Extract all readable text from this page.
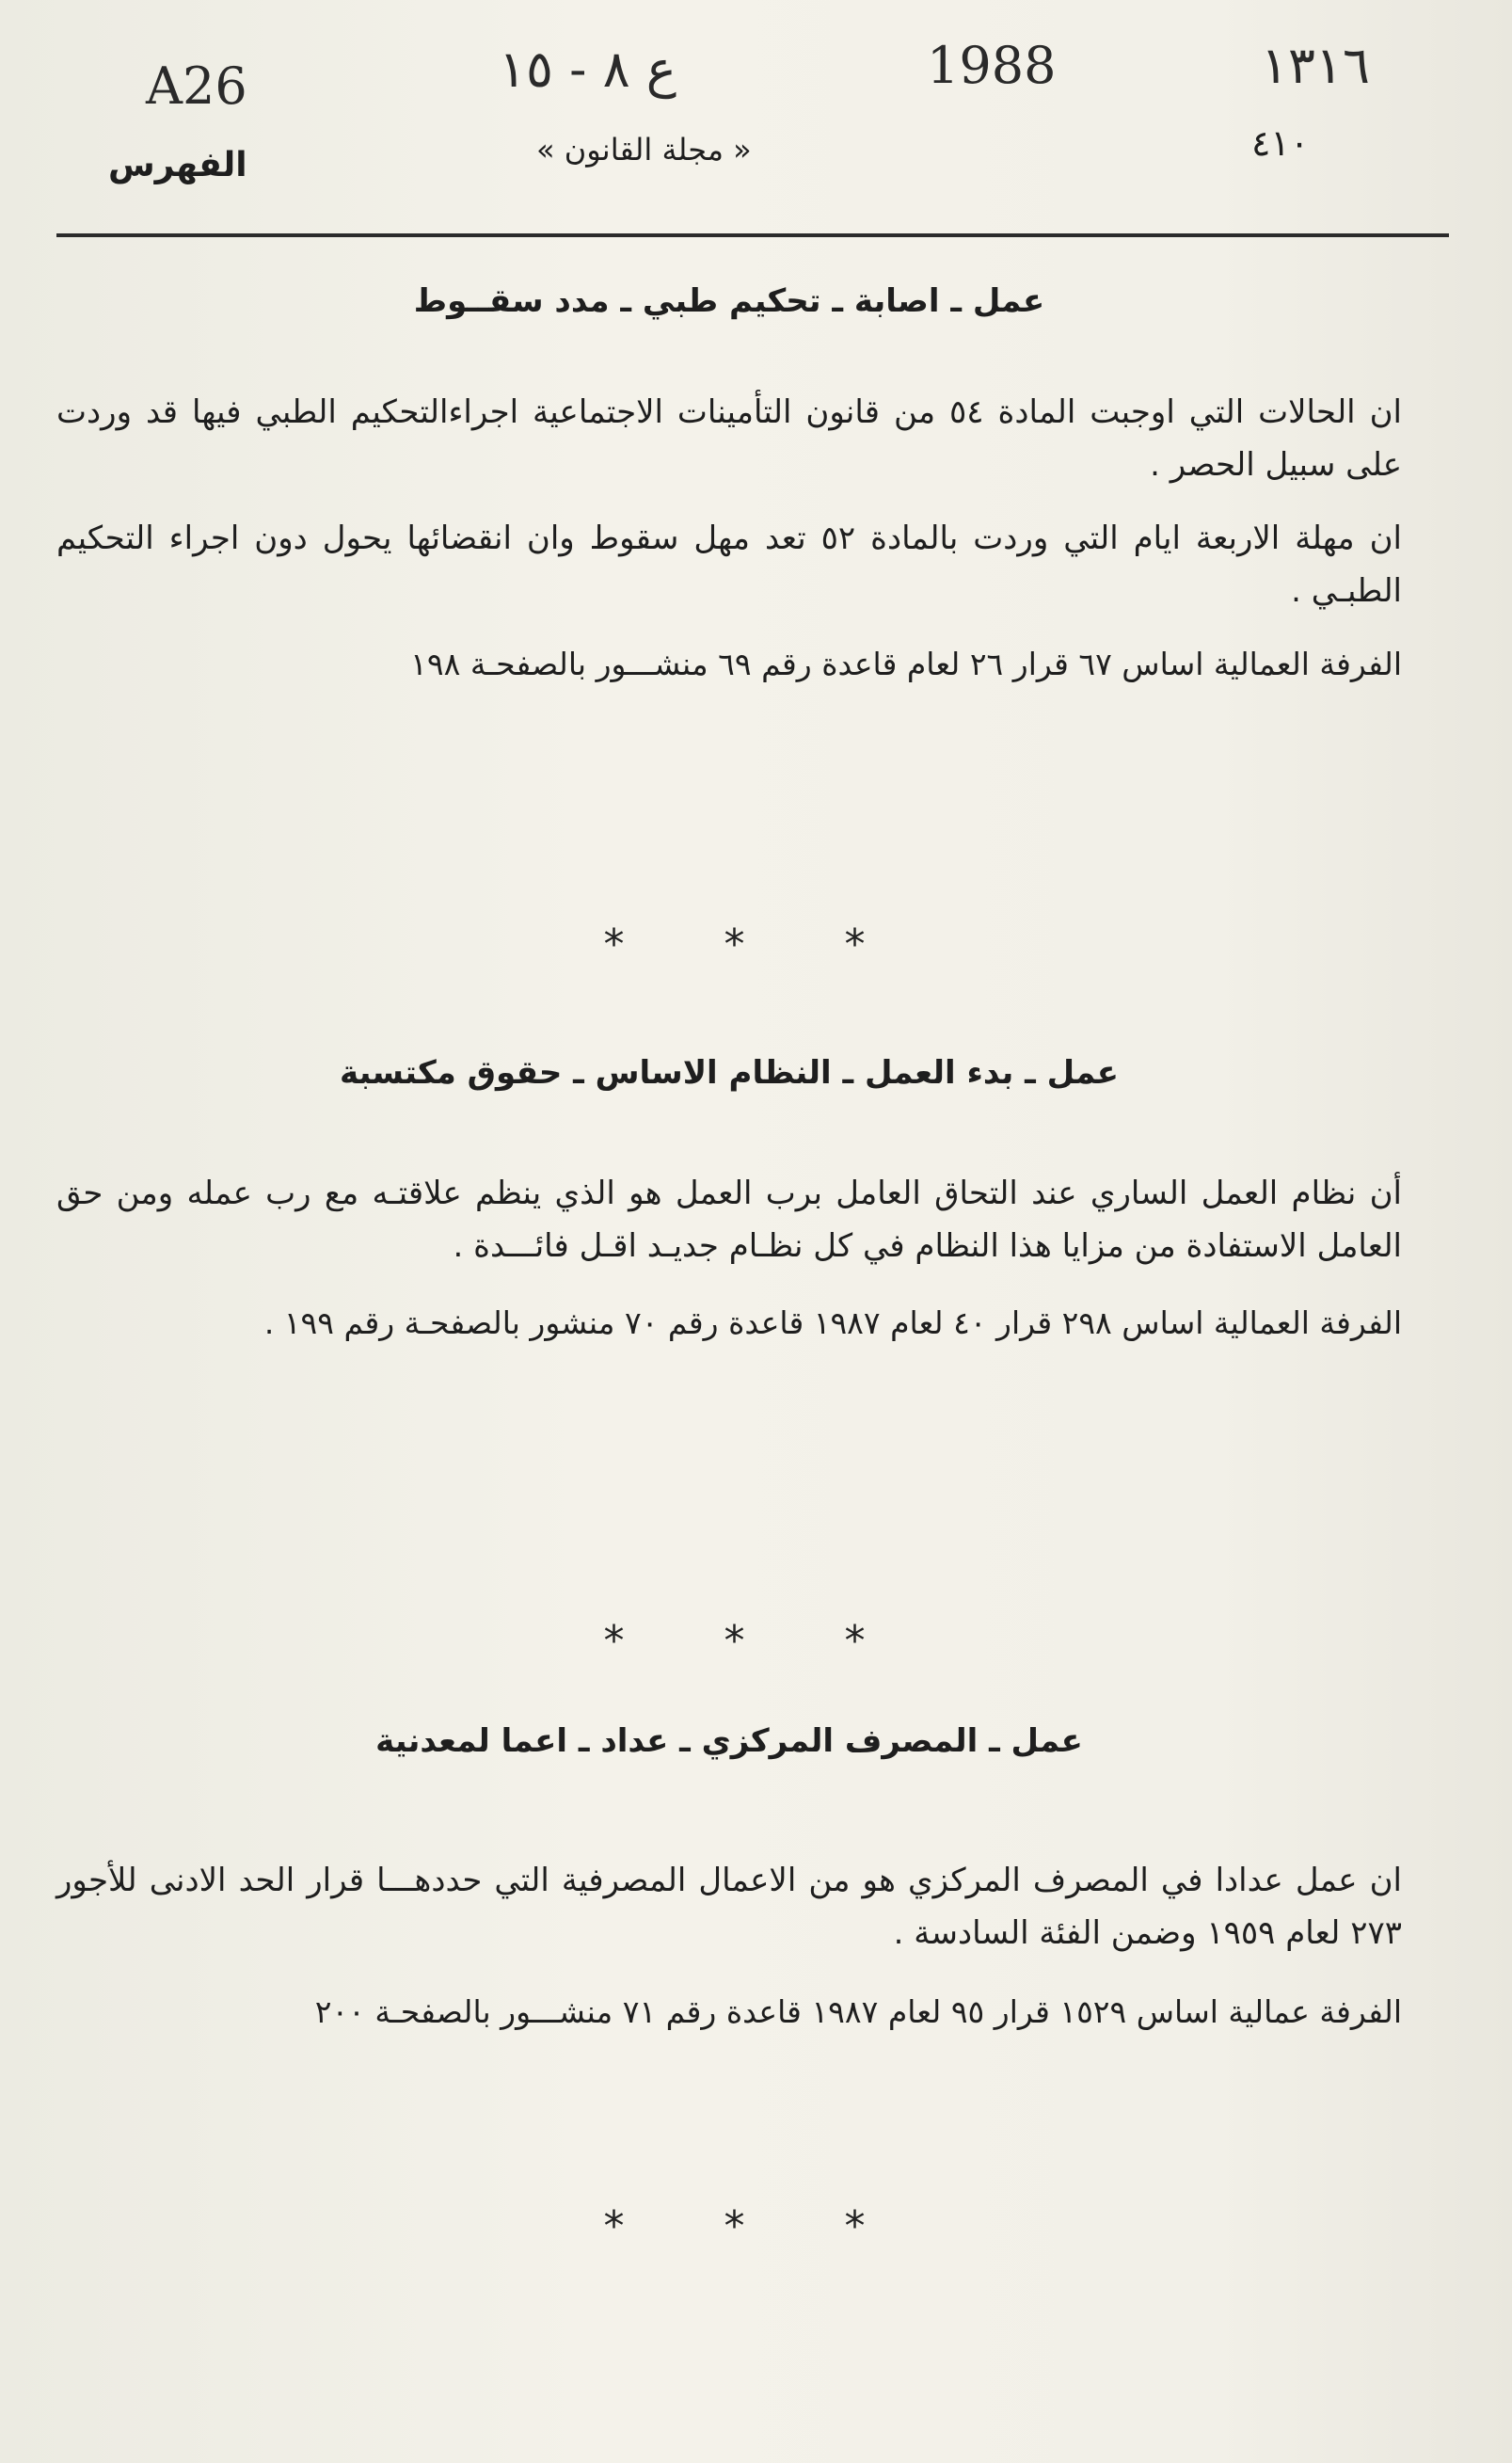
A26	ع ٨ - ١٥	1988	١٣١٦
٤١٠
« مجلة القانون »
الفهرس
عمل ـ اصابة ـ تحكيم طبي ـ مدد سقــوط

ان الحالات التي اوجبت المادة ٥٤ من قانون التأمينات الاجتماعية اجراءالتحكيم الطبي فيها قد وردت على سبيل الحصر .

ان مهلة الاربعة ايام التي وردت بالمادة ٥٢ تعد مهل سقوط وان انقضائها يحول دون اجراء التحكيم الطبـي .

الفرفة العمالية اساس ٦٧ قرار ٢٦ لعام قاعدة رقم ٦٩ منشـــور بالصفحـة ١٩٨

* * *
عمل ـ بدء العمل ـ النظام الاساس ـ حقوق مكتسبة

أن نظام العمل الساري عند التحاق العامل برب العمل هو الذي ينظم علاقتـه مع رب عمله ومن حق العامل الاستفادة من مزايا هذا النظام في كل نظـام جديـد اقـل فائـــدة .

الفرفة العمالية اساس ٢٩٨ قرار ٤٠ لعام ١٩٨٧ قاعدة رقم ٧٠ منشور بالصفحـة رقم ١٩٩ .

* * *
عمل ـ المصرف المركزي ـ عداد ـ اعما لمعدنية

ان عمل عدادا في المصرف المركزي هو من الاعمال المصرفية التي حددهـــا قرار الحد الادنى للأجور ٢٧٣ لعام ١٩٥٩ وضمن الفئة السادسة .

الفرفة عمالية اساس ١٥٢٩ قرار ٩٥ لعام ١٩٨٧ قاعدة رقم ٧١ منشـــور بالصفحـة ٢٠٠

* * *
